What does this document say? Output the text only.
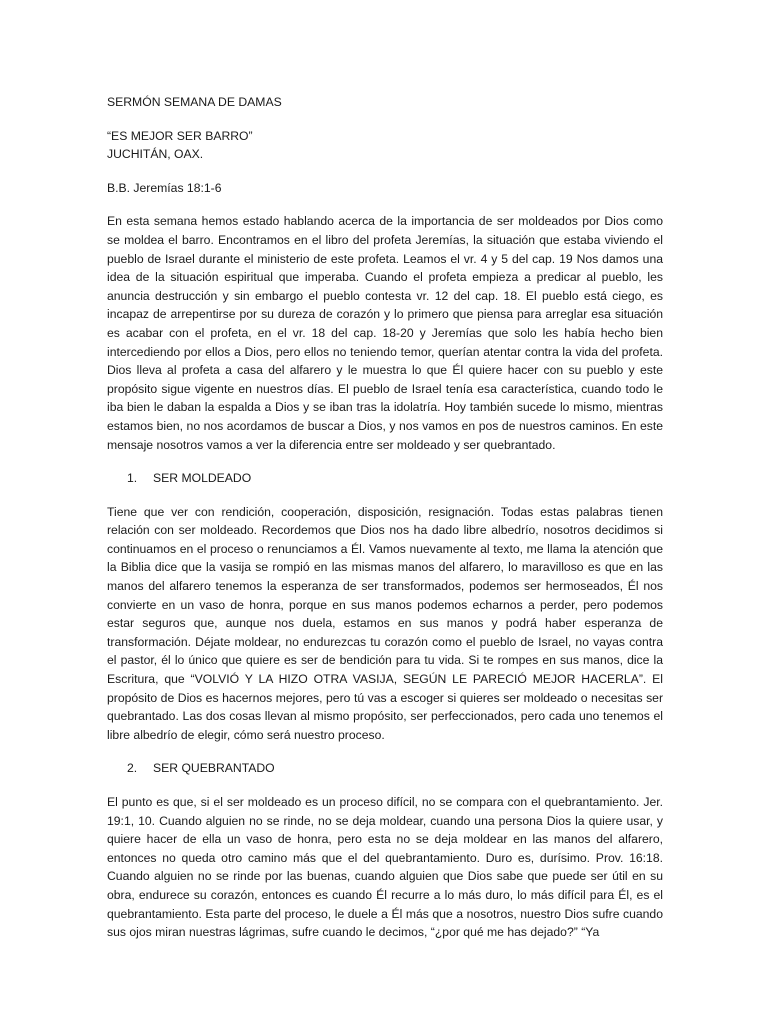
SERMÓN SEMANA DE DAMAS

“ES MEJOR SER BARRO”

JUCHITÁN, OAX.

B.B. Jeremías 18:1-6

En esta semana hemos estado hablando acerca de la importancia de ser moldeados por Dios como se moldea el barro. Encontramos en el libro del profeta Jeremías, la situación que estaba viviendo el pueblo de Israel durante el ministerio de este profeta. Leamos el vr. 4 y 5 del cap. 19 Nos damos una idea de la situación espiritual que imperaba. Cuando el profeta empieza a predicar al pueblo, les anuncia destrucción y sin embargo el pueblo contesta vr. 12 del cap. 18. El pueblo está ciego, es incapaz de arrepentirse por su dureza de corazón y lo primero que piensa para arreglar esa situación es acabar con el profeta, en el vr. 18 del cap. 18-20 y Jeremías que solo les había hecho bien intercediendo por ellos a Dios, pero ellos no teniendo temor, querían atentar contra la vida del profeta. Dios lleva al profeta a casa del alfarero y le muestra lo que Él quiere hacer con su pueblo y este propósito sigue vigente en nuestros días. El pueblo de Israel tenía esa característica, cuando todo le iba bien le daban la espalda a Dios y se iban tras la idolatría. Hoy también sucede lo mismo, mientras estamos bien, no nos acordamos de buscar a Dios, y nos vamos en pos de nuestros caminos. En este mensaje nosotros vamos a ver la diferencia entre ser moldeado y ser quebrantado.

1.	SER MOLDEADO

Tiene que ver con rendición, cooperación, disposición, resignación. Todas estas palabras tienen relación con ser moldeado. Recordemos que Dios nos ha dado libre albedrío, nosotros decidimos si continuamos en el proceso o renunciamos a Él. Vamos nuevamente al texto, me llama la atención que la Biblia dice que la vasija se rompió en las mismas manos del alfarero, lo maravilloso es que en las manos del alfarero tenemos la esperanza de ser transformados, podemos ser hermoseados, Él nos convierte en un vaso de honra, porque en sus manos podemos echarnos a perder, pero podemos estar seguros que, aunque nos duela, estamos en sus manos y podrá haber esperanza de transformación. Déjate moldear, no endurezcas tu corazón como el pueblo de Israel, no vayas contra el pastor, él lo único que quiere es ser de bendición para tu vida. Si te rompes en sus manos, dice la Escritura, que “VOLVIÓ Y LA HIZO OTRA VASIJA, SEGÚN LE PARECIÓ MEJOR HACERLA”. El propósito de Dios es hacernos mejores, pero tú vas a escoger si quieres ser moldeado o necesitas ser quebrantado. Las dos cosas llevan al mismo propósito, ser perfeccionados, pero cada uno tenemos el libre albedrío de elegir, cómo será nuestro proceso.

2.	SER QUEBRANTADO

El punto es que, si el ser moldeado es un proceso difícil, no se compara con el quebrantamiento. Jer. 19:1, 10. Cuando alguien no se rinde, no se deja moldear, cuando una persona Dios la quiere usar, y quiere hacer de ella un vaso de honra, pero esta no se deja moldear en las manos del alfarero, entonces no queda otro camino más que el del quebrantamiento. Duro es, durísimo. Prov. 16:18. Cuando alguien no se rinde por las buenas, cuando alguien que Dios sabe que puede ser útil en su obra, endurece su corazón, entonces es cuando Él recurre a lo más duro, lo más difícil para Él, es el quebrantamiento. Esta parte del proceso, le duele a Él más que a nosotros, nuestro Dios sufre cuando sus ojos miran nuestras lágrimas, sufre cuando le decimos, “¿por qué me has dejado?” “Ya
